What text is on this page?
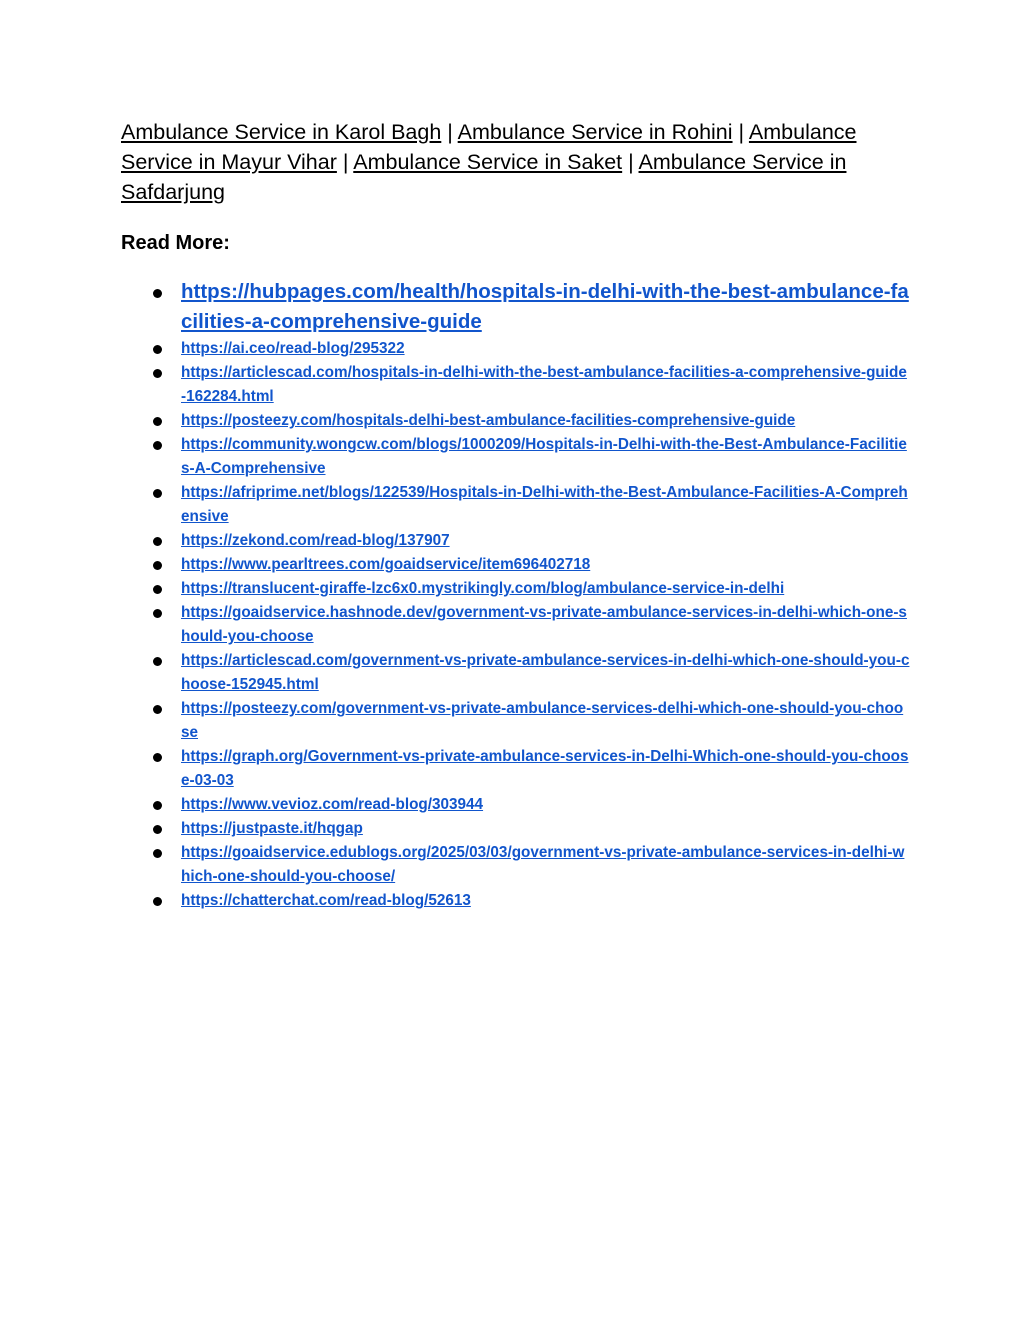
Ambulance Service in Karol Bagh | Ambulance Service in Rohini | Ambulance Service in Mayur Vihar | Ambulance Service in Saket | Ambulance Service in Safdarjung

Read More:
https://hubpages.com/health/hospitals-in-delhi-with-the-best-ambulance-facilities-a-comprehensive-guide
https://ai.ceo/read-blog/295322
https://articlescad.com/hospitals-in-delhi-with-the-best-ambulance-facilities-a-comprehensive-guide-162284.html
https://posteezy.com/hospitals-delhi-best-ambulance-facilities-comprehensive-guide
https://community.wongcw.com/blogs/1000209/Hospitals-in-Delhi-with-the-Best-Ambulance-Facilities-A-Comprehensive
https://afriprime.net/blogs/122539/Hospitals-in-Delhi-with-the-Best-Ambulance-Facilities-A-Comprehensive
https://zekond.com/read-blog/137907
https://www.pearltrees.com/goaidservice/item696402718
https://translucent-giraffe-lzc6x0.mystrikingly.com/blog/ambulance-service-in-delhi
https://goaidservice.hashnode.dev/government-vs-private-ambulance-services-in-delhi-which-one-should-you-choose
https://articlescad.com/government-vs-private-ambulance-services-in-delhi-which-one-should-you-choose-152945.html
https://posteezy.com/government-vs-private-ambulance-services-delhi-which-one-should-you-choose
https://graph.org/Government-vs-private-ambulance-services-in-Delhi-Which-one-should-you-choose-03-03
https://www.vevioz.com/read-blog/303944
https://justpaste.it/hqgap
https://goaidservice.edublogs.org/2025/03/03/government-vs-private-ambulance-services-in-delhi-which-one-should-you-choose/
https://chatterchat.com/read-blog/52613
